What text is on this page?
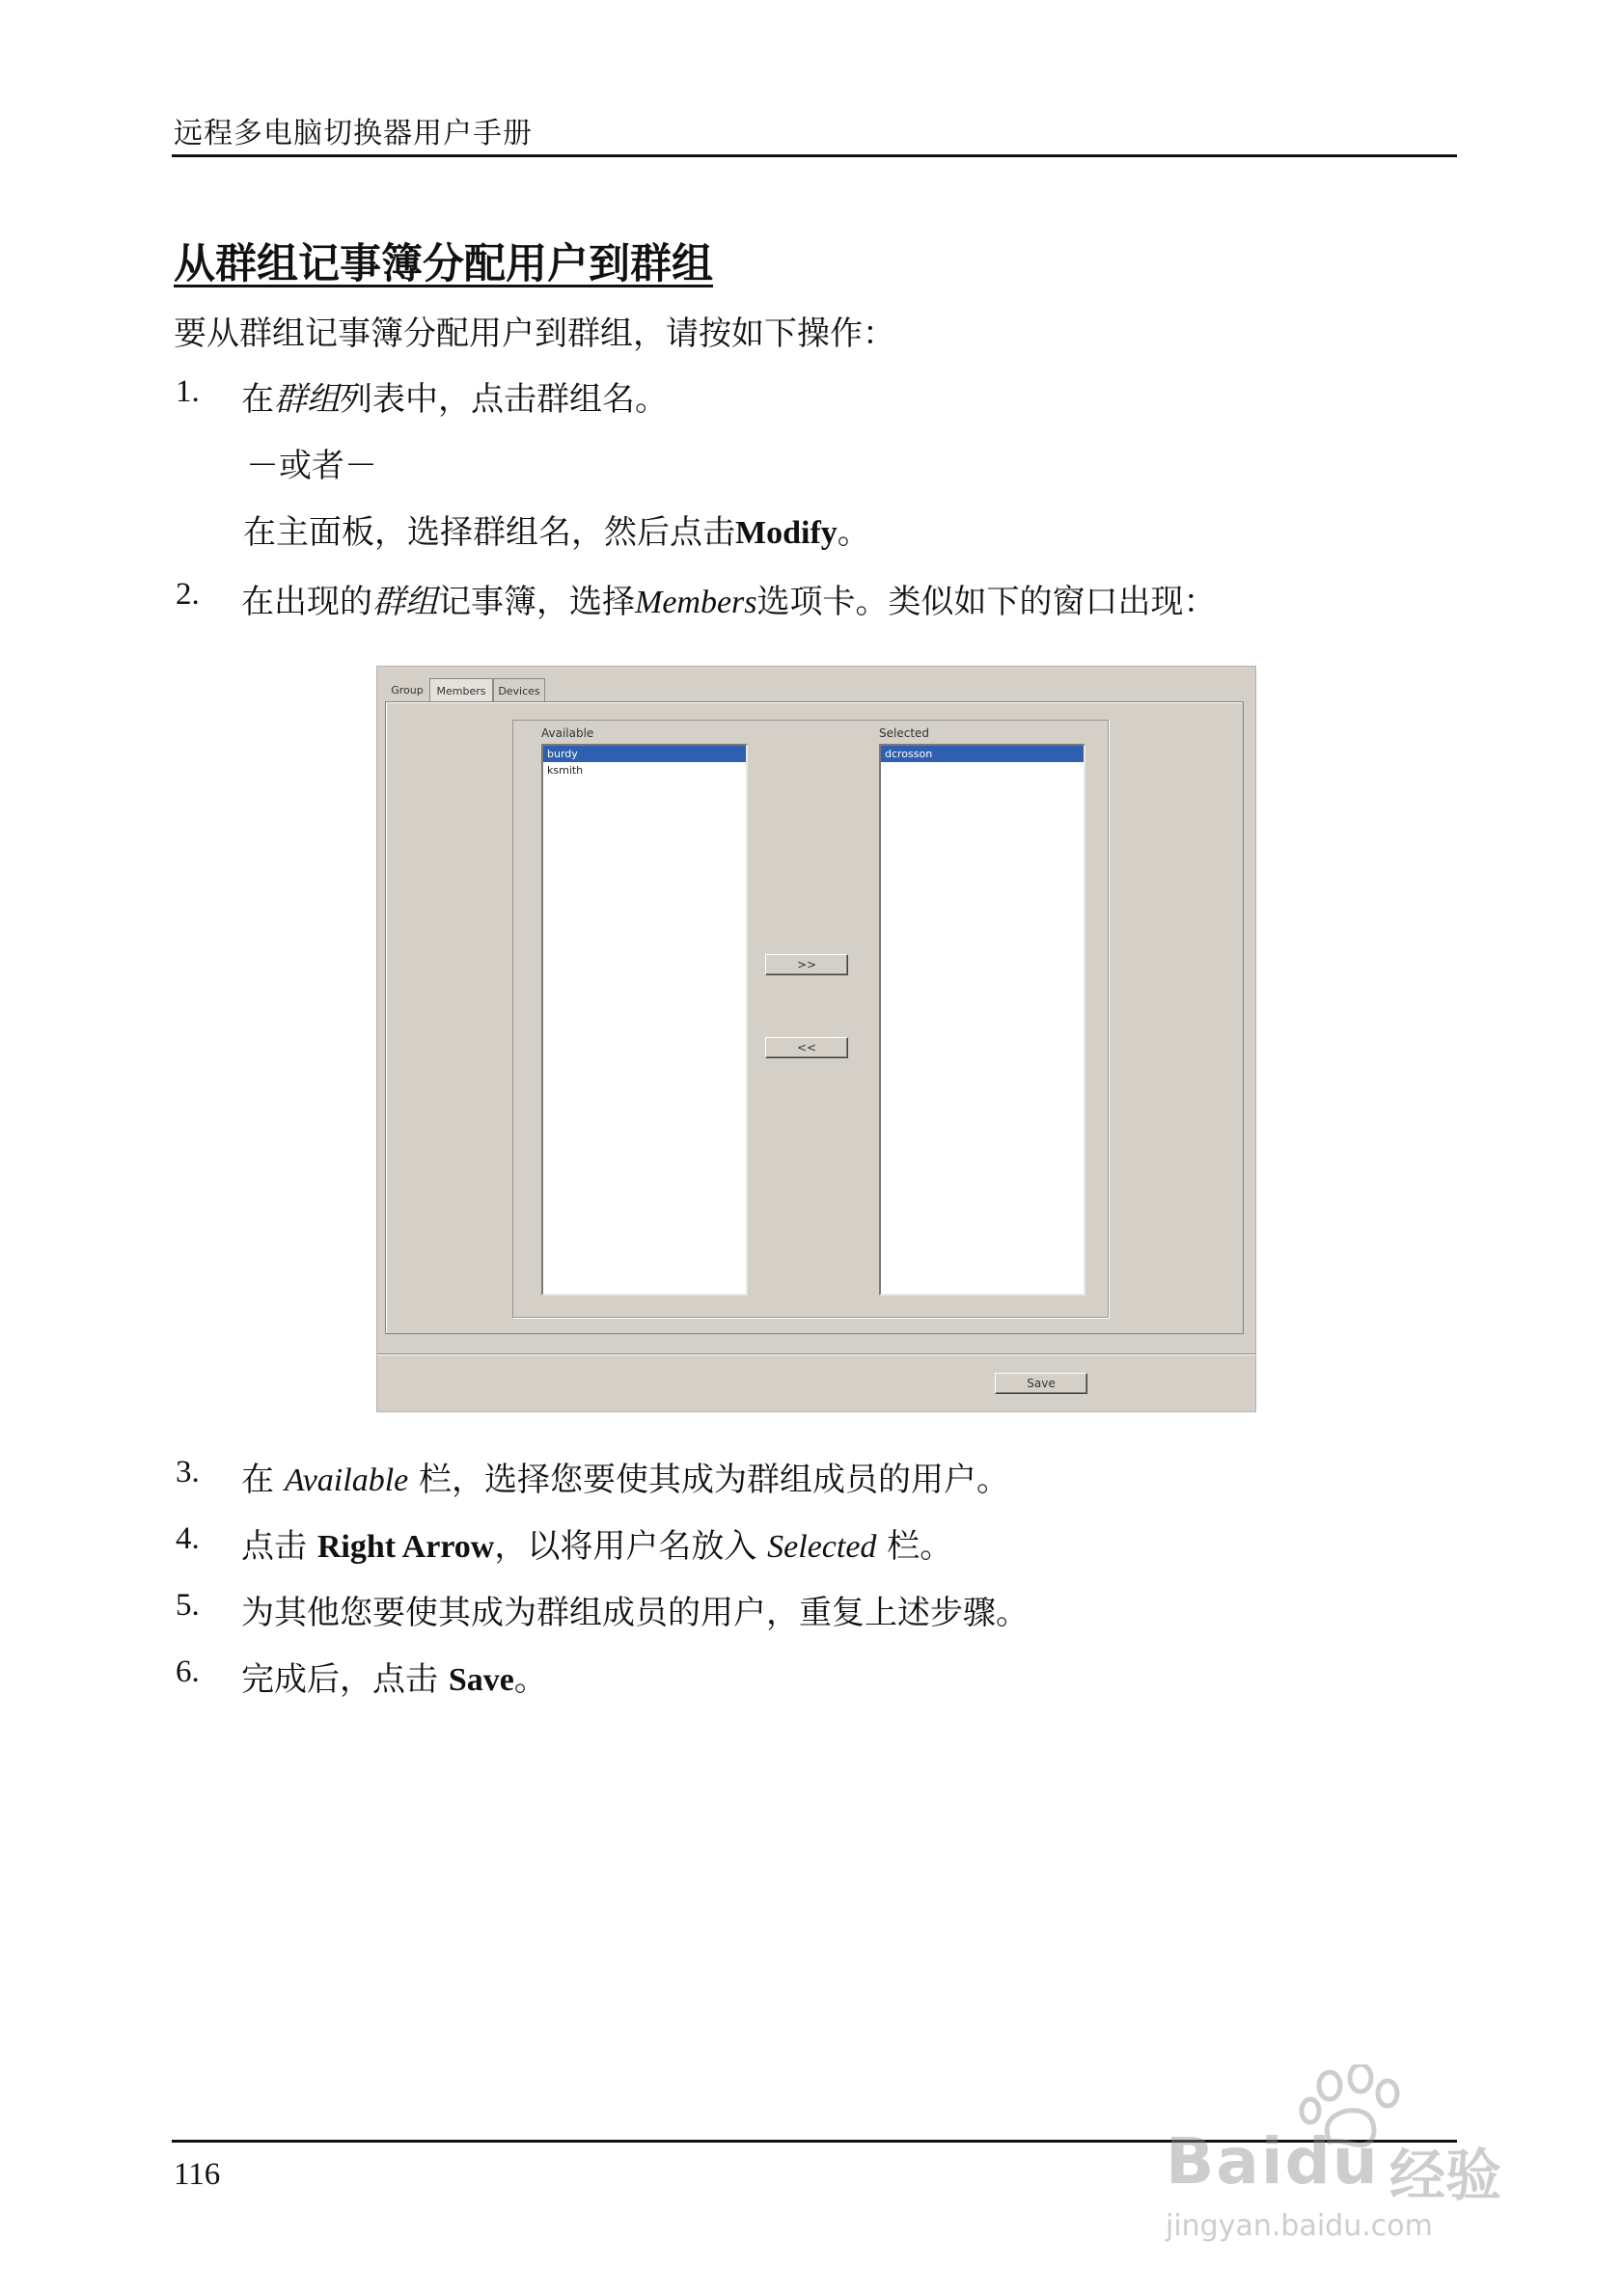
远程多电脑切换器用户手册
从群组记事簿分配用户到群组
要从群组记事簿分配用户到群组，请按如下操作：
1. 在群组列表中，点击群组名。
－或者－
在主面板，选择群组名，然后点击Modify。
2. 在出现的群组记事簿，选择Members选项卡。类似如下的窗口出现：
Group	Members	Devices
Available
burdy
ksmith
Selected
dcrosson
>>
<<
Save
3. 在 Available 栏，选择您要使其成为群组成员的用户。
4. 点击 Right Arrow，以将用户名放入 Selected 栏。
5. 为其他您要使其成为群组成员的用户，重复上述步骤。
6. 完成后，点击 Save。
116	Baidu 经验
jingyan.baidu.com
